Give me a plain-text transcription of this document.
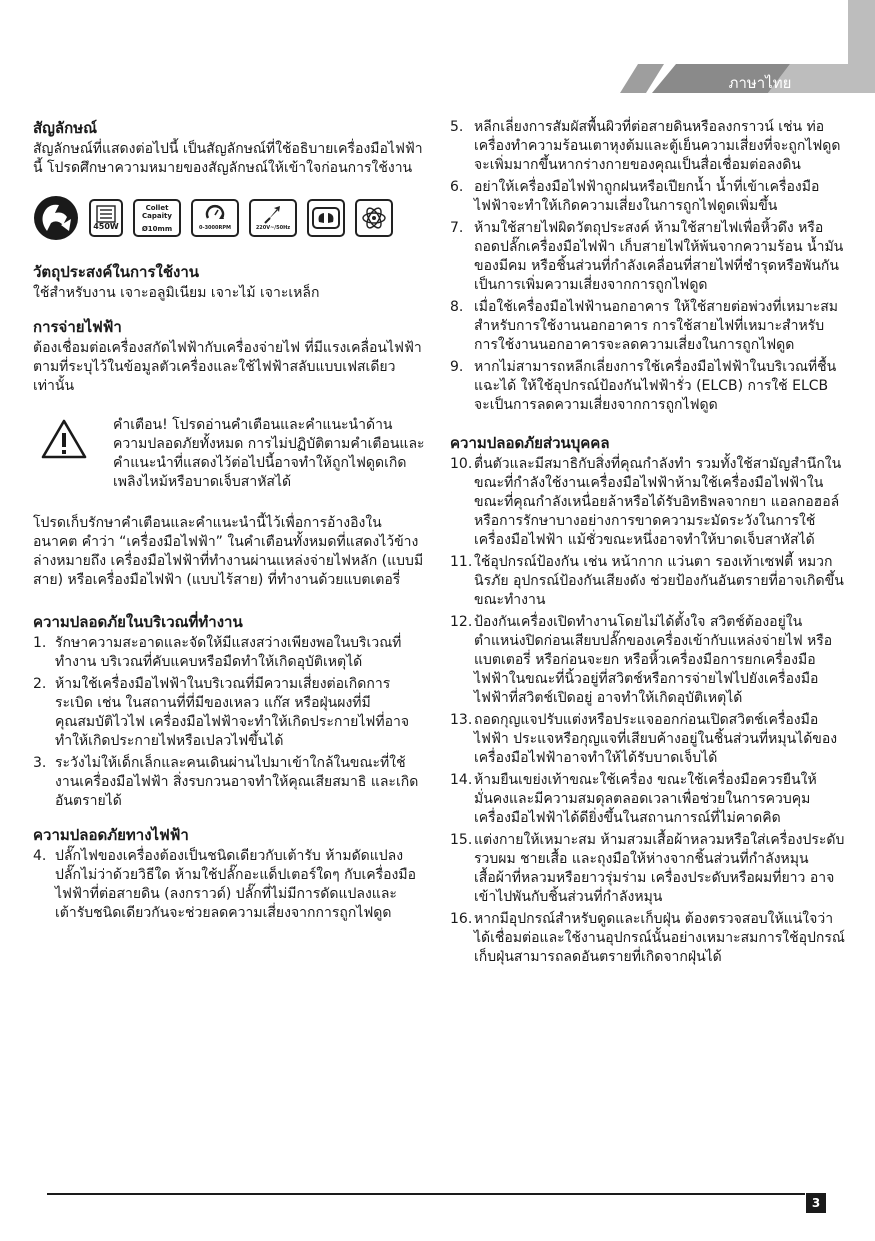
ภาษาไทย
สัญลักษณ์

สัญลักษณ์ที่แสดงต่อไปนี้ เป็นสัญลักษณ์ที่ใช้อธิบายเครื่องมือไฟฟ้านี้ โปรดศึกษาความหมายของสัญลักษณ์ให้เข้าใจก่อนการใช้งาน

450W
Collet
Capaity
Ø10mm	0-3000RPM	220V~/50Hz
วัตถุประสงค์ในการใช้งาน

ใช้สำหรับงาน เจาะอลูมิเนียม เจาะไม้ เจาะเหล็ก

การจ่ายไฟฟ้า

ต้องเชื่อมต่อเครื่องสกัดไฟฟ้ากับเครื่องจ่ายไฟ ที่มีแรงเคลื่อนไฟฟ้าตามที่ระบุไว้ในข้อมูลตัวเครื่องและใช้ไฟฟ้าสลับแบบเฟสเดียวเท่านั้น

คำเตือน! โปรดอ่านคำเตือนและคำแนะนำด้านความปลอดภัยทั้งหมด การไม่ปฏิบัติตามคำเตือนและคำแนะนำที่แสดงไว้ต่อไปนี้อาจทำให้ถูกไฟดูดเกิดเพลิงไหม้หรือบาดเจ็บสาหัสได้

โปรดเก็บรักษาคำเตือนและคำแนะนำนี้ไว้เพื่อการอ้างอิงในอนาคต คำว่า “เครื่องมือไฟฟ้า” ในคำเตือนทั้งหมดที่แสดงไว้ข้างล่างหมายถึง เครื่องมือไฟฟ้าที่ทำงานผ่านแหล่งจ่ายไฟหลัก (แบบมีสาย) หรือเครื่องมือไฟฟ้า (แบบไร้สาย) ที่ทำงานด้วยแบตเตอรี่

ความปลอดภัยในบริเวณที่ทำงาน
1. รักษาความสะอาดและจัดให้มีแสงสว่างเพียงพอในบริเวณที่ทำงาน บริเวณที่คับแคบหรือมืดทำให้เกิดอุบัติเหตุได้
2. ห้ามใช้เครื่องมือไฟฟ้าในบริเวณที่มีความเสี่ยงต่อเกิดการระเบิด เช่น ในสถานที่ที่มีของเหลว แก๊ส หรือฝุ่นผงที่มีคุณสมบัติไวไฟ เครื่องมือไฟฟ้าจะทำให้เกิดประกายไฟที่อาจทำให้เกิดประกายไฟหรือเปลวไฟขึ้นได้
3. ระวังไม่ให้เด็กเล็กและคนเดินผ่านไปมาเข้าใกล้ในขณะที่ใช้งานเครื่องมือไฟฟ้า สิ่งรบกวนอาจทำให้คุณเสียสมาธิ และเกิดอันตรายได้
ความปลอดภัยทางไฟฟ้า
4. ปลั๊กไฟของเครื่องต้องเป็นชนิดเดียวกับเต้ารับ ห้ามดัดแปลงปลั๊กไม่ว่าด้วยวิธีใด ห้ามใช้ปลั๊กอะแด็ปเตอร์ใดๆ กับเครื่องมือไฟฟ้าที่ต่อสายดิน (ลงกราวด์) ปลั๊กที่ไม่มีการดัดแปลงและเต้ารับชนิดเดียวกันจะช่วยลดความเสี่ยงจากการถูกไฟดูด
5. หลีกเลี่ยงการสัมผัสพื้นผิวที่ต่อสายดินหรือลงกราวน์ เช่น ท่อ เครื่องทำความร้อนเตาหุงต้มและตู้เย็นความเสี่ยงที่จะถูกไฟดูดจะเพิ่มมากขึ้นหากร่างกายของคุณเป็นสื่อเชื่อมต่อลงดิน
6. อย่าให้เครื่องมือไฟฟ้าถูกฝนหรือเปียกน้ำ น้ำที่เข้าเครื่องมือไฟฟ้าจะทำให้เกิดความเสี่ยงในการถูกไฟดูดเพิ่มขึ้น
7. ห้ามใช้สายไฟผิดวัตถุประสงค์ ห้ามใช้สายไฟเพื่อหิ้วดึง หรือถอดปลั๊กเครื่องมือไฟฟ้า เก็บสายไฟให้พ้นจากความร้อน น้ำมัน ของมีคม หรือชิ้นส่วนที่กำลังเคลื่อนที่สายไฟที่ชำรุดหรือพันกันเป็นการเพิ่มความเสี่ยงจากการถูกไฟดูด
8. เมื่อใช้เครื่องมือไฟฟ้านอกอาคาร ให้ใช้สายต่อพ่วงที่เหมาะสมสำหรับการใช้งานนอกอาคาร การใช้สายไฟที่เหมาะสำหรับการใช้งานนอกอาคารจะลดความเสี่ยงในการถูกไฟดูด
9. หากไม่สามารถหลีกเลี่ยงการใช้เครื่องมือไฟฟ้าในบริเวณที่ชื้นแฉะได้ ให้ใช้อุปกรณ์ป้องกันไฟฟ้ารั่ว (ELCB) การใช้ ELCB จะเป็นการลดความเสี่ยงจากการถูกไฟดูด
ความปลอดภัยส่วนบุคคล
10. ตื่นตัวและมีสมาธิกับสิ่งที่คุณกำลังทำ รวมทั้งใช้สามัญสำนึกในขณะที่กำลังใช้งานเครื่องมือไฟฟ้าห้ามใช้เครื่องมือไฟฟ้าในขณะที่คุณกำลังเหนื่อยล้าหรือได้รับอิทธิพลจากยา แอลกอฮอล์ หรือการรักษาบางอย่างการขาดความระมัดระวังในการใช้เครื่องมือไฟฟ้า แม้ชั่วขณะหนึ่งอาจทำให้บาดเจ็บสาหัสได้
11. ใช้อุปกรณ์ป้องกัน เช่น หน้ากาก แว่นตา รองเท้าเซฟตี้ หมวกนิรภัย อุปกรณ์ป้องกันเสียงดัง ช่วยป้องกันอันตรายที่อาจเกิดขึ้นขณะทำงาน
12. ป้องกันเครื่องเปิดทำงานโดยไม่ได้ตั้งใจ สวิตช์ต้องอยู่ในตำแหน่งปิดก่อนเสียบปลั๊กของเครื่องเข้ากับแหล่งจ่ายไฟ หรือแบตเตอรี่ หรือก่อนจะยก หรือหิ้วเครื่องมือการยกเครื่องมือไฟฟ้าในขณะที่นิ้วอยู่ที่สวิตช์หรือการจ่ายไฟไปยังเครื่องมือไฟฟ้าที่สวิตช์เปิดอยู่ อาจทำให้เกิดอุบัติเหตุได้
13. ถอดกุญแจปรับแต่งหรือประแจออกก่อนเปิดสวิตช์เครื่องมือไฟฟ้า ประแจหรือกุญแจที่เสียบค้างอยู่ในชิ้นส่วนที่หมุนได้ของเครื่องมือไฟฟ้าอาจทำให้ได้รับบาดเจ็บได้
14. ห้ามยืนเขย่งเท้าขณะใช้เครื่อง ขณะใช้เครื่องมือควรยืนให้มั่นคงและมีความสมดุลตลอดเวลาเพื่อช่วยในการควบคุมเครื่องมือไฟฟ้าได้ดียิ่งขึ้นในสถานการณ์ที่ไม่คาดคิด
15. แต่งกายให้เหมาะสม ห้ามสวมเสื้อผ้าหลวมหรือใส่เครื่องประดับ รวบผม ชายเสื้อ และถุงมือให้ห่างจากชิ้นส่วนที่กำลังหมุน เสื้อผ้าที่หลวมหรือยาวรุ่มร่าม เครื่องประดับหรือผมที่ยาว อาจเข้าไปพันกับชิ้นส่วนที่กำลังหมุน
16. หากมีอุปกรณ์สำหรับดูดและเก็บฝุ่น ต้องตรวจสอบให้แน่ใจว่าได้เชื่อมต่อและใช้งานอุปกรณ์นั้นอย่างเหมาะสมการใช้อุปกรณ์เก็บฝุ่นสามารถลดอันตรายที่เกิดจากฝุ่นได้
3
